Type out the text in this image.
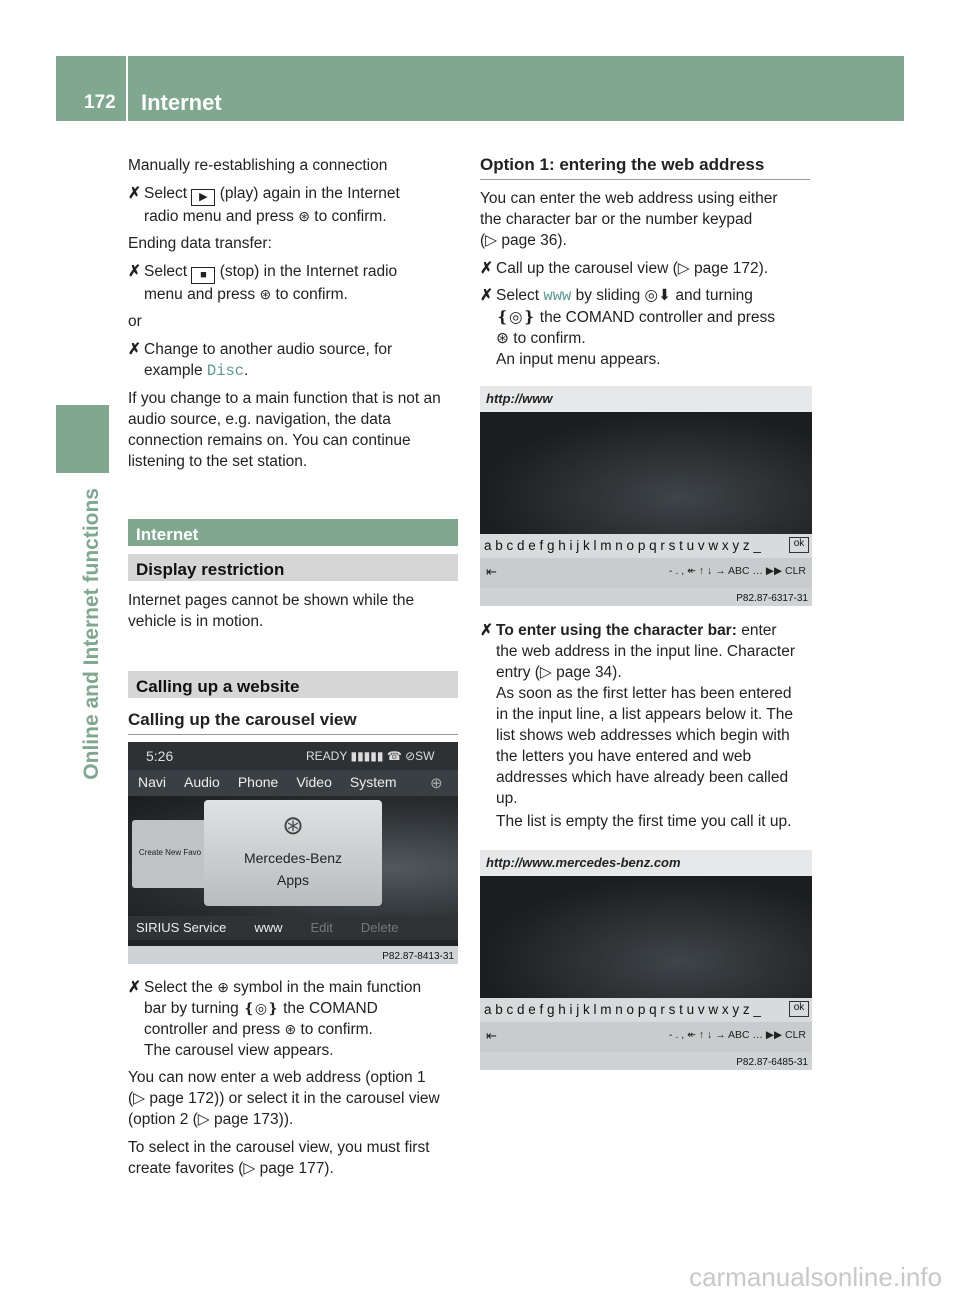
172 Internet
Online and Internet functions

Manually re-establishing a connection

✗ Select ▶ (play) again in the Internet
radio menu and press ⊛ to confirm.

Ending data transfer:

✗ Select ■ (stop) in the Internet radio
menu and press ⊛ to confirm.

or

✗ Change to another audio source, for
example Disc.
If you change to a main function that is not an
audio source, e.g. navigation, the data
connection remains on. You can continue
listening to the set station.
Internet
Display restriction
Internet pages cannot be shown while the
vehicle is in motion.
Calling up a website
Calling up the carousel view
5:26	READY ▮▮▮▮▮ ☎ ⊘SW
Navi Audio Phone Video System ⊕
Create New Favo
⊛
Mercedes-Benz
Apps
SIRIUS Service www Edit Delete
P82.87-8413-31
✗ Select the ⊕ symbol in the main function
bar by turning ❴◎❵ the COMAND
controller and press ⊛ to confirm.
The carousel view appears.
You can now enter a web address (option 1
(▷ page 172)) or select it in the carousel view
(option 2 (▷ page 173)).
To select in the carousel view, you must first
create favorites (▷ page 177).
Option 1: entering the web address
You can enter the web address using either
the character bar or the number keypad
(▷ page 36).
✗ Call up the carousel view (▷ page 172).
✗ Select www by sliding ◎⬇ and turning
❴◎❵ the COMAND controller and press
⊛ to confirm.
An input menu appears.
http://www
a b c d e f g h i j k l m n o p q r s t u v w x y z _	ok
⇤	- . , ↞ ↑ ↓ → ABC … ▶▶ CLR
P82.87-6317-31
✗ To enter using the character bar: enter
the web address in the input line. Character
entry (▷ page 34).
As soon as the first letter has been entered
in the input line, a list appears below it. The
list shows web addresses which begin with
the letters you have entered and web
addresses which have already been called
up.
The list is empty the first time you call it up.
http://www.mercedes-benz.com
a b c d e f g h i j k l m n o p q r s t u v w x y z _	ok
⇤	- . , ↞ ↑ ↓ → ABC … ▶▶ CLR
P82.87-6485-31
carmanualsonline.info
